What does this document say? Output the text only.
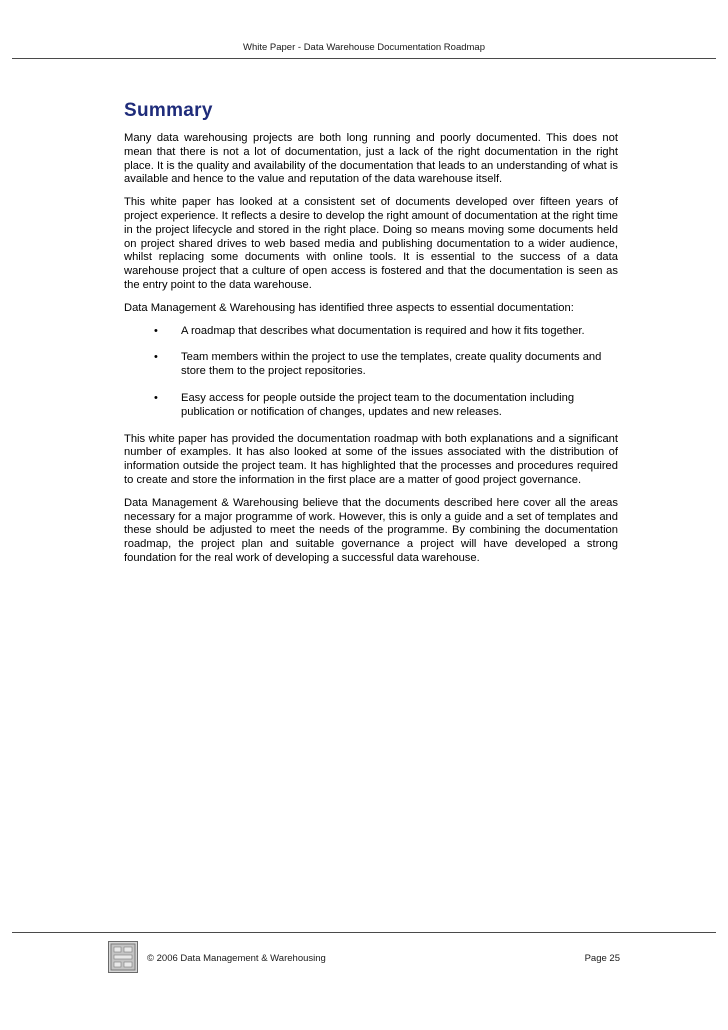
White Paper - Data Warehouse Documentation Roadmap
Summary

Many data warehousing projects are both long running and poorly documented. This does not mean that there is not a lot of documentation, just a lack of the right documentation in the right place. It is the quality and availability of the documentation that leads to an understanding of what is available and hence to the value and reputation of the data warehouse itself.

This white paper has looked at a consistent set of documents developed over fifteen years of project experience. It reflects a desire to develop the right amount of documentation at the right time in the project lifecycle and stored in the right place. Doing so means moving some documents held on project shared drives to web based media and publishing documentation to a wider audience, whilst replacing some documents with online tools. It is essential to the success of a data warehouse project that a culture of open access is fostered and that the documentation is seen as the entry point to the data warehouse.

Data Management & Warehousing has identified three aspects to essential documentation:

• A roadmap that describes what documentation is required and how it fits together.
• Team members within the project to use the templates, create quality documents and store them to the project repositories.
• Easy access for people outside the project team to the documentation including publication or notification of changes, updates and new releases.

This white paper has provided the documentation roadmap with both explanations and a significant number of examples. It has also looked at some of the issues associated with the distribution of information outside the project team. It has highlighted that the processes and procedures required to create and store the information in the first place are a matter of good project governance.

Data Management & Warehousing believe that the documents described here cover all the areas necessary for a major programme of work. However, this is only a guide and a set of templates and these should be adjusted to meet the needs of the programme. By combining the documentation roadmap, the project plan and suitable governance a project will have developed a strong foundation for the real work of developing a successful data warehouse.

© 2006 Data Management & Warehousing	Page 25
